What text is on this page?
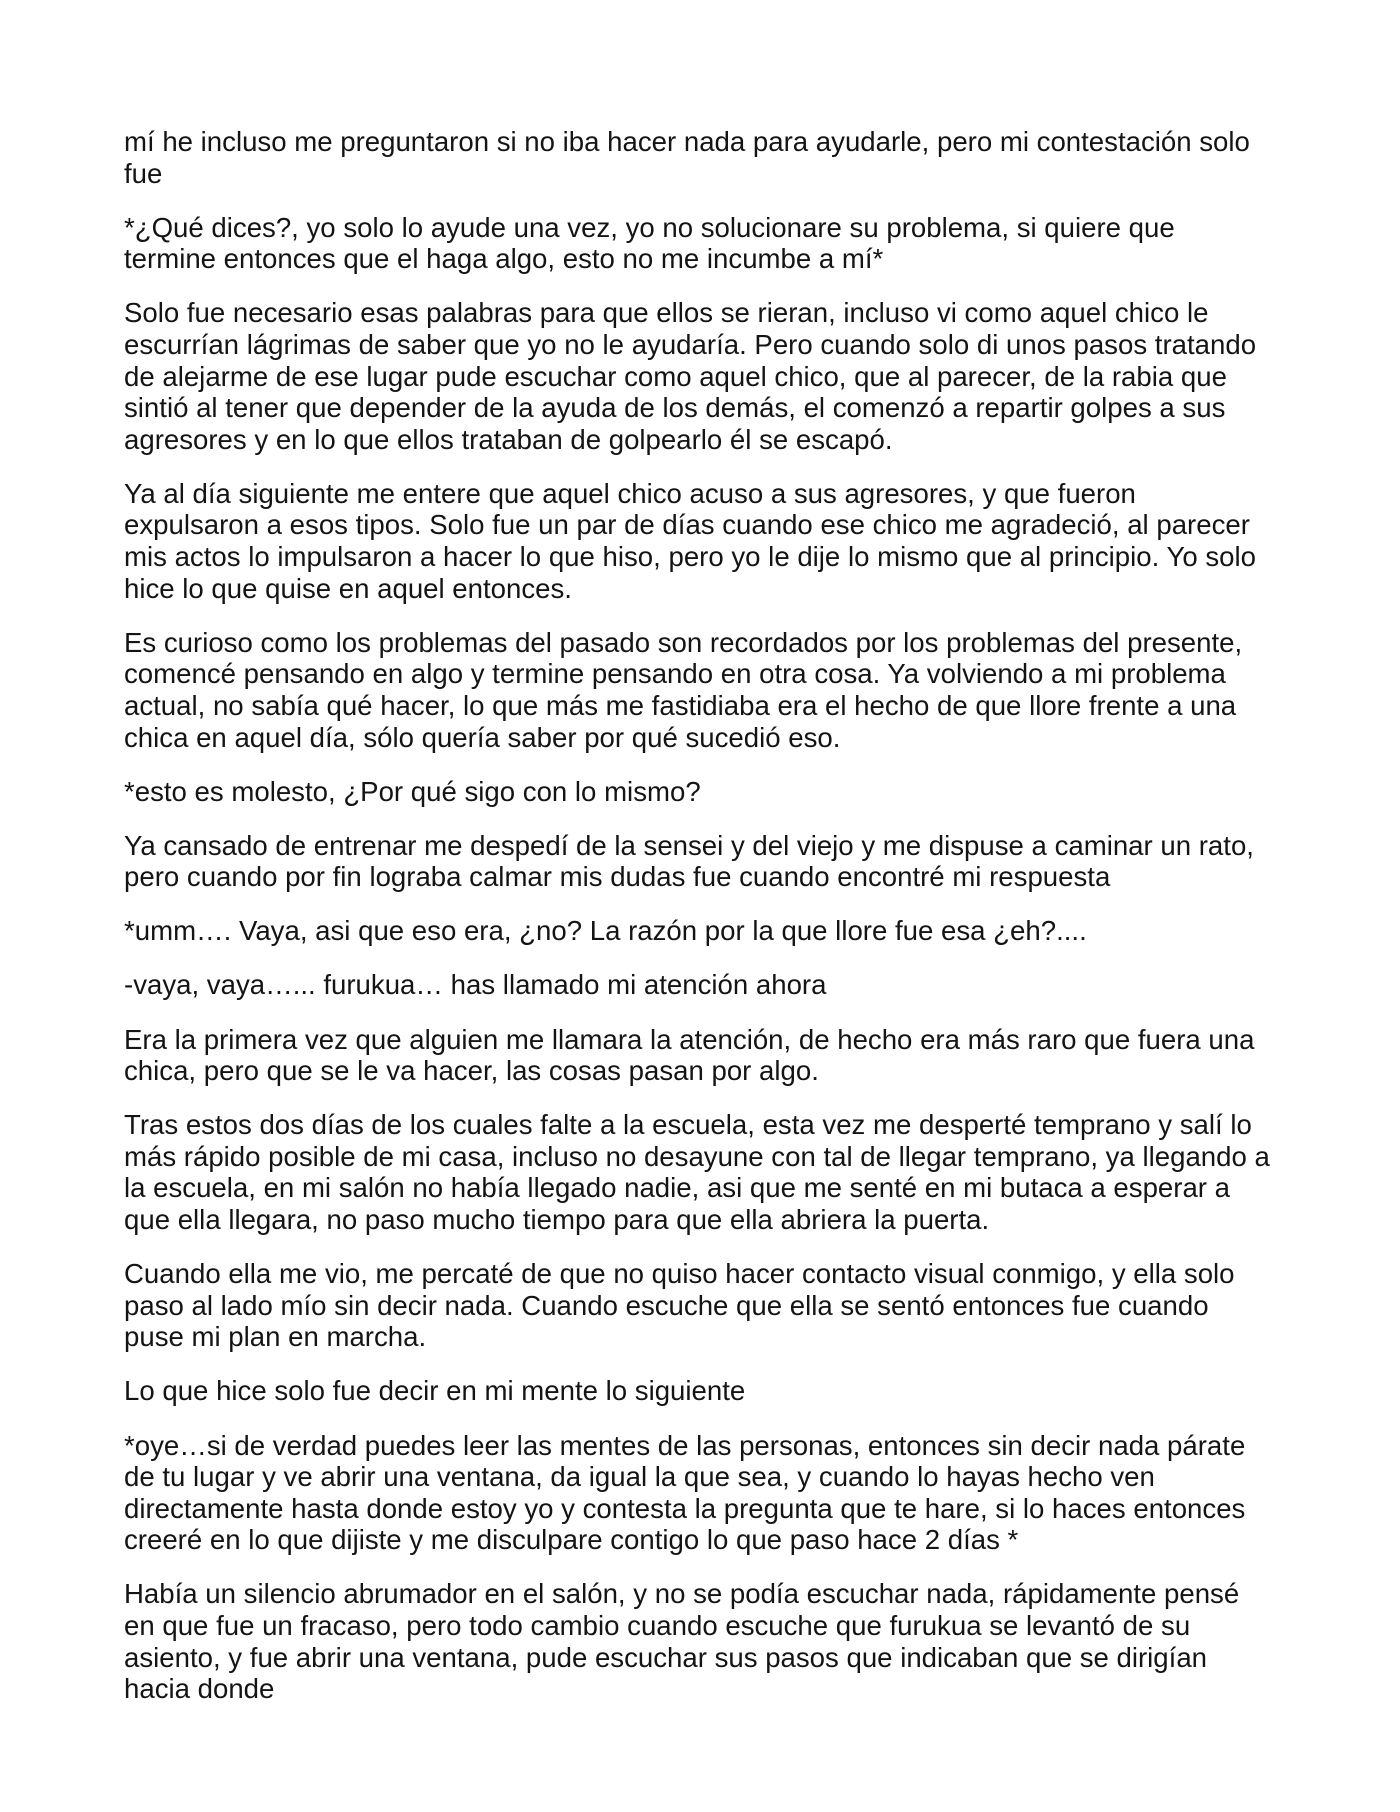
mí he incluso me preguntaron si no iba hacer nada para ayudarle, pero mi contestación solo fue

*¿Qué dices?, yo solo lo ayude una vez, yo no solucionare su problema, si quiere que termine entonces que el haga algo, esto no me incumbe a mí*

Solo fue necesario esas palabras para que ellos se rieran, incluso vi como aquel chico le escurrían lágrimas de saber que yo no le ayudaría. Pero cuando solo di unos pasos tratando de alejarme de ese lugar pude escuchar como aquel chico, que al parecer, de la rabia que sintió al tener que depender de la ayuda de los demás, el comenzó a repartir golpes a sus agresores y en lo que ellos trataban de golpearlo él se escapó.

Ya al día siguiente me entere que aquel chico acuso a sus agresores, y que fueron expulsaron a esos tipos. Solo fue un par de días cuando ese chico me agradeció, al parecer mis actos lo impulsaron a hacer lo que hiso, pero yo le dije lo mismo que al principio. Yo solo hice lo que quise en aquel entonces.

Es curioso como los problemas del pasado son recordados por los problemas del presente, comencé pensando en algo y termine pensando en otra cosa. Ya volviendo a mi problema actual, no sabía qué hacer, lo que más me fastidiaba era el hecho de que llore frente a una chica en aquel día, sólo quería saber por qué sucedió eso.

*esto es molesto, ¿Por qué sigo con lo mismo?

Ya cansado de entrenar me despedí de la sensei y del viejo y me dispuse a caminar un rato, pero cuando por fin lograba calmar mis dudas fue cuando encontré mi respuesta

*umm…. Vaya, asi que eso era, ¿no? La razón por la que llore fue esa ¿eh?....

-vaya, vaya…... furukua… has llamado mi atención ahora

Era la primera vez que alguien me llamara la atención, de hecho era más raro que fuera una chica, pero que se le va hacer, las cosas pasan por algo.

Tras estos dos días de los cuales falte a la escuela, esta vez me desperté temprano y salí lo más rápido posible de mi casa, incluso no desayune con tal de llegar temprano, ya llegando a la escuela, en mi salón no había llegado nadie, asi que me senté en mi butaca a esperar a que ella llegara, no paso mucho tiempo para que ella abriera la puerta.

Cuando ella me vio, me percaté de que no quiso hacer contacto visual conmigo, y ella solo paso al lado mío sin decir nada. Cuando escuche que ella se sentó entonces fue cuando puse mi plan en marcha.

Lo que hice solo fue decir en mi mente lo siguiente

*oye…si de verdad puedes leer las mentes de las personas, entonces sin decir nada párate de tu lugar y ve abrir una ventana, da igual la que sea, y cuando lo hayas hecho ven directamente hasta donde estoy yo y contesta la pregunta que te hare, si lo haces entonces creeré en lo que dijiste y me disculpare contigo lo que paso hace 2 días *

Había un silencio abrumador en el salón, y no se podía escuchar nada, rápidamente pensé en que fue un fracaso, pero todo cambio cuando escuche que furukua se levantó de su asiento, y fue abrir una ventana, pude escuchar sus pasos que indicaban que se dirigían hacia donde
